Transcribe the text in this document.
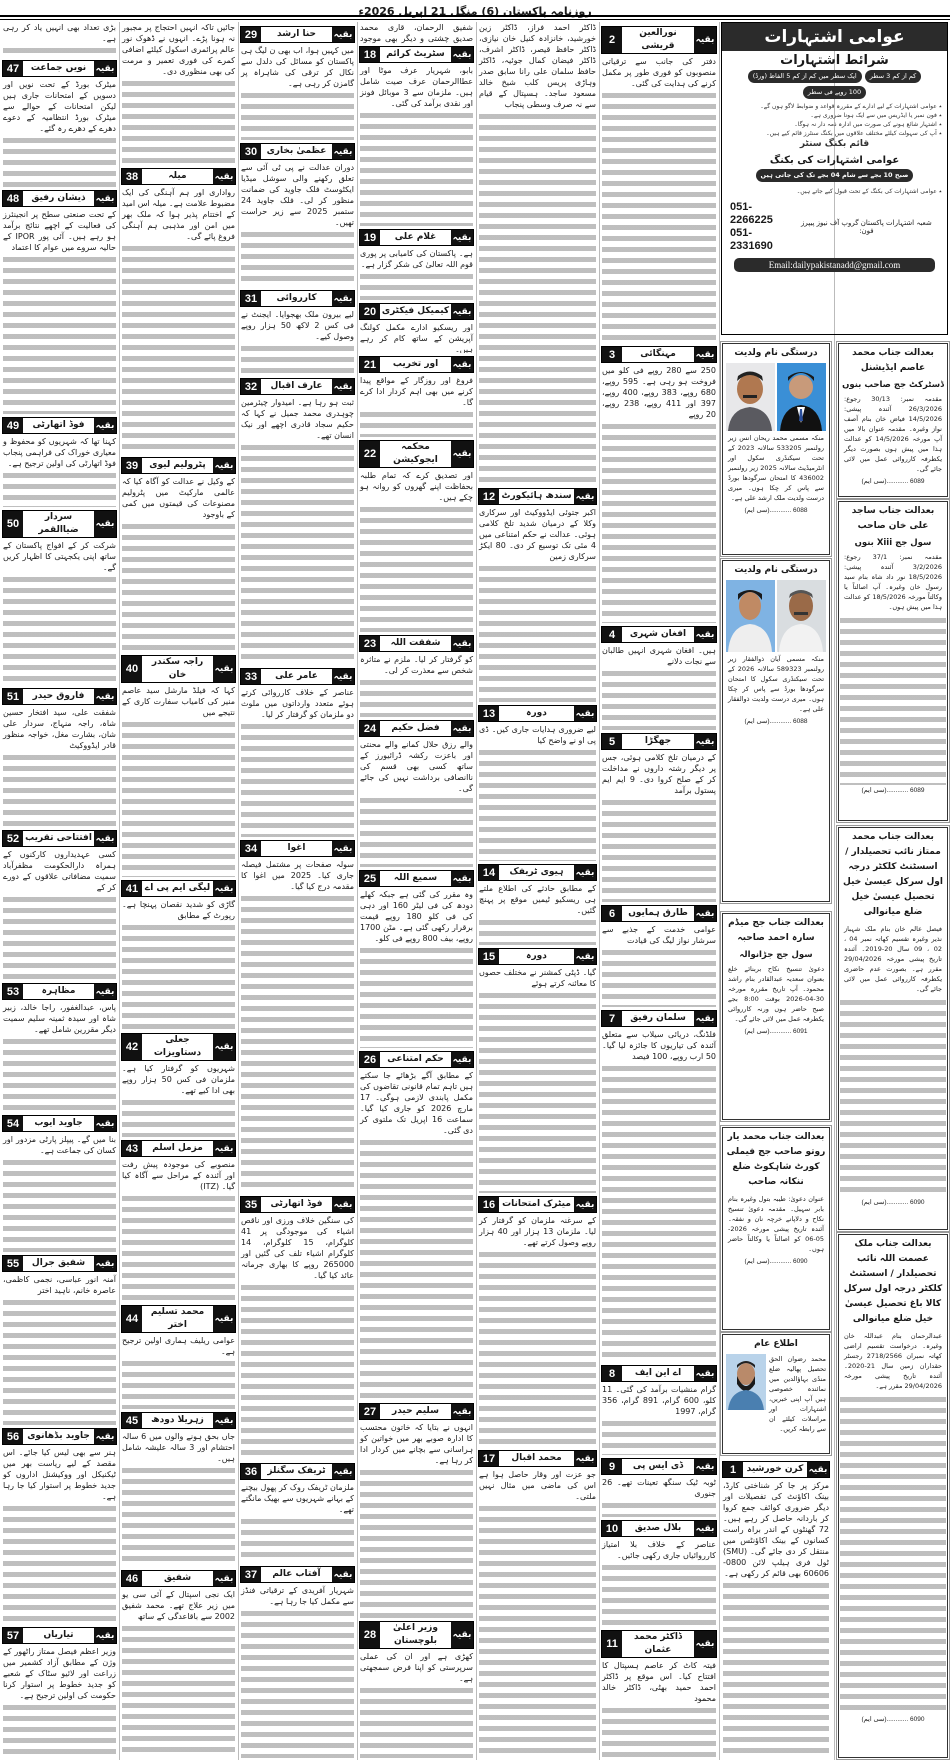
روزنامہ پاکستان (6) منگل 21 اپریل 2026ء
بڑی تعداد بھی انہیں یاد کر رہی ہے۔
47	نویں جماعت	بقیہ
میٹرک بورڈ کے تحت نویں اور دسویں کے امتحانات جاری ہیں لیکن امتحانات کے حوالے سے میٹرک بورڈ انتظامیہ کے دعوے دھرے کے دھرے رہ گئے۔
48	ذیشان رفیق	بقیہ
کے تحت صنعتی سطح پر انجینئرز کی فعالیت کے اچھے نتائج برآمد ہو رہے ہیں۔ آئی پور IPOR کے حالیہ سروے میں عوام کا اعتماد
49	فوڈ اتھارٹی	بقیہ
کہنا تھا کہ شہریوں کو محفوظ و معیاری خوراک کی فراہمی پنجاب فوڈ اتھارٹی کی اولین ترجیح ہے۔
50
سردار ضیاالقمر
بقیہ
شرکت کر کے افواج پاکستان کے ساتھ اپنی یکجہتی کا اظہار کریں گے۔
51	فاروق حیدر	بقیہ
شفقت علی، سید افتخار حسین شاہ، راجہ منہاج، سردار علی شان، بشارت مغل، خواجہ منظور قادر ایڈووکیٹ
52 افتتاحی تقریب بقیہ
کسی عہدیداروں کارکنوں کے ہمراہ دارالحکومت مظفرآباد سمیت مضافاتی علاقوں کے دورے کر کے
53	مظاہرہ	بقیہ
پاس، عبدالغفور، راجا خالد، زبیر شاہ اور سیدہ ثمینہ سلیم سمیت دیگر مقررین شامل تھے۔
54	جاوید ایوب	بقیہ
بنا میں گے۔ پیپلز پارٹی مزدور اور کسان کی جماعت ہے۔
55	شفیق جرال	بقیہ
آمنہ انور عباسی، نجمی کاظمی، عاصرہ خانم، ناہید اختر
56 جاوید بڈھانوی بقیہ
ہنر سے بھی لیس کیا جائے۔ اس مقصد کے لیے ریاست بھر میں ٹیکنیکل اور ووکیشنل اداروں کو جدید خطوط پر استوار کیا جا رہا ہے۔
57	تیاریاں	بقیہ
وزیر اعظم فیصل ممتاز راٹھور کے وژن کے مطابق آزاد کشمیر میں زراعت اور لائیو سٹاک کے شعبے کو جدید خطوط پر استوار کرنا حکومت کی اولین ترجیح ہے۔
جائیں تاکہ انہیں احتجاج پر مجبور نہ ہونا پڑے۔ انہوں نے ڈھوک نور عالم پرائمری اسکول کیلئے اضافی کمرے کی فوری تعمیر و مرمت کی بھی منظوری دی۔
38	میلہ	بقیہ
رواداری اور ہم آہنگی کی ایک مضبوط علامت ہے۔ میلہ اس امید کے اختتام پذیر ہوا کہ ملک بھر میں امن اور مذہبی ہم آہنگی فروغ پائے گی۔
39	پٹرولیم لیوی بقیہ
کے وکیل نے عدالت کو آگاہ کیا کہ عالمی مارکیٹ میں پٹرولیم مصنوعات کی قیمتوں میں کمی کے باوجود
40
راجہ سکندر خان
بقیہ
کہا کہ فیلڈ مارشل سید عاصم منیر کی کامیاب سفارت کاری کے نتیجے میں
41 لیگی ایم پی اے بقیہ
گاڑی کو شدید نقصان پہنچا ہے۔ رپورٹ کے مطابق
42
جعلی دستاویزات
بقیہ
شہریوں کو گرفتار کیا ہے۔ ملزمان فی کس 50 ہزار روپے بھی ادا کیے تھے۔
43	مزمل اسلم	بقیہ
منصوبے کی موجودہ پیش رفت اور آئندہ کے مراحل سے آگاہ کیا گیا۔ (ITZ)
44
محمد تسلیم اختر
بقیہ
عوامی ریلیف ہماری اولین ترجیح ہے۔
45	زہریلا دودھ	بقیہ
جاں بحق ہونے والوں میں 6 سالہ احتشام اور 3 سالہ علیشہ شامل ہیں۔
46	شفیق	بقیہ
ایک نجی اسپتال کے آئی سی یو میں زیر علاج تھے۔ محمد شفیق 2002 سے باقاعدگی کے ساتھ
29	حنا ارشد	بقیہ
میں کہیں ہوا، اب بھی ن لیگ ہی پاکستان کو مسائل کی دلدل سے نکال کر ترقی کی شاہراہ پر گامزن کر رہی ہے۔
30	عظمیٰ بخاری بقیہ
دوران عدالت نے پی ٹی آئی سے تعلق رکھنے والی سوشل میڈیا ایکٹوسٹ فلک جاوید کی ضمانت منظور کر لی۔ فلک جاوید 24 ستمبر 2025 سے زیر حراست تھیں۔
31	کارروائی	بقیہ
لیے بیرون ملک بھجوایا۔ ایجنٹ نے فی کس 2 لاکھ 50 ہزار روپے وصول کیے۔
32	عارف اقبال	بقیہ
ثبت ہو رہا ہے۔ امیدوار چیئرمین چوہدری محمد جمیل نے کہا کہ حکیم سجاد قادری اچھے اور نیک انسان تھے۔
33	عامر علی	بقیہ
عناصر کے خلاف کارروائی کرتے ہوئے متعدد وارداتوں میں ملوث دو ملزمان کو گرفتار کر لیا۔
34	اغوا	بقیہ
سولہ صفحات پر مشتمل فیصلہ جاری کیا۔ 2025 میں اغوا کا مقدمہ درج کیا گیا۔
35	فوڈ اتھارٹی	بقیہ
کی سنگین خلاف ورزی اور ناقص اشیاء کی موجودگی پر 41 کلوگرام، 15 کلوگرام، 14 کلوگرام اشیاء تلف کی گئیں اور 265000 روپے کا بھاری جرمانہ عائد کیا گیا۔
36	ٹریفک سگنلز بقیہ
ملزمان ٹریفک روک کر پھول بیچنے کے بہانے شہریوں سے بھیک مانگتے تھے۔
37	آفتاب عالم	بقیہ
شہریار آفریدی کے ترقیاتی فنڈز سے مکمل کیا جا رہا ہے۔
شفیق الرحمان، قاری محمد صدیق چشتی و دیگر بھی موجود
18	سٹریٹ کرائم بقیہ
بابو، شہریار عرف موٹا اور عطاالرحمان عرف صیت شامل ہیں۔ ملزمان سے 3 موبائل فونز اور نقدی برآمد کی گئی۔
19	غلام علی	بقیہ
ہے۔ پاکستان کی کامیابی پر پوری قوم اللہ تعالیٰ کی شکر گزار ہے۔
20 کیمیکل فیکٹری بقیہ
اور ریسکیو ادارے مکمل کولنگ آپریشن کے ساتھ کام کر رہے ہیں۔
21	اور تخریب	بقیہ
فروغ اور روزگار کے مواقع پیدا کرنے میں بھی اہم کردار ادا کرے گا۔
22
محکمہ ایجوکیشن
بقیہ
اور تصدیق کرے کہ تمام طلبہ بحفاظت اپنے گھروں کو روانہ ہو چکے ہیں۔
23	شفقت اللہ	بقیہ
کو گرفتار کر لیا۔ ملزم نے متاثرہ شخص سے معذرت کر لی۔
24	فضل حکیم	بقیہ
والے رزق حلال کمانے والے محنتی اور باعزت رکشہ ڈرائیورز کے ساتھ کسی بھی قسم کی ناانصافی برداشت نہیں کی جائے گی۔
25	سمیع اللہ	بقیہ
وہ مقرر کی گئی ہے جبکہ کھلے دودھ کی فی لیٹر 160 اور دہی کی فی کلو 180 روپے قیمت برقرار رکھی گئی ہے۔ مٹن 1700 روپے، بیف 800 روپے فی کلو۔
26	حکم امتناعی بقیہ
کے مطابق آگے بڑھائے جا سکتے ہیں تاہم تمام قانونی تقاضوں کی مکمل پابندی لازمی ہوگی۔ 17 مارچ 2026 کو جاری کیا گیا۔ سماعت 16 اپریل تک ملتوی کر دی گئی۔
27	سلیم حیدر	بقیہ
انہوں نے بتایا کہ خاتون محتسب کا ادارہ صوبے بھر میں خواتین کو ہراسانی سے بچانے میں کردار ادا کر رہا ہے۔
28
وزیر اعلیٰ بلوچستان
بقیہ
کھڑی ہے اور ان کی عملی سرپرستی کو اپنا فرض سمجھتی ہے۔
ڈاکٹر احمد فراز، ڈاکٹر زین خورشید، خانزادہ کنیل خان نیازی، ڈاکٹر حافظ قیصر، ڈاکٹر اشرف، ڈاکٹر فیضان کمال جوئیہ، ڈاکٹر حافظ سلمان علی رانا سابق صدر وہاڑی پریس کلب شیخ خالد مسعود ساجد۔ ہسپتال کے قیام سے نہ صرف وسطی پنجاب
12 سندھ ہائیکورٹ بقیہ
اکبر جتوئی ایڈووکیٹ اور سرکاری وکلا کے درمیان شدید تلخ کلامی ہوئی۔ عدالت نے حکم امتناعی میں 4 مئی تک توسیع کر دی۔ 80 ایکڑ سرکاری زمین
13	دورہ	بقیہ
لیے ضروری ہدایات جاری کیں۔ ڈی پی او نے واضح کیا
14	ہیوی ٹریفک	بقیہ
کے مطابق حادثے کی اطلاع ملتے ہی ریسکیو ٹیمیں موقع پر پہنچ گئیں۔
15	دورہ	بقیہ
گیا۔ ڈپٹی کمشنر نے مختلف حصوں کا معائنہ کرتے ہوئے
16 میٹرک امتحانات بقیہ
کے سرغنہ ملزمان کو گرفتار کر لیا۔ ملزمان 13 ہزار اور 40 ہزار روپے وصول کرتے تھے۔
17	محمد اقبال	بقیہ
جو عزت اور وقار حاصل ہوا ہے اس کی ماضی میں مثال نہیں ملتی۔
2
نورالعین قریشی
بقیہ
دفتر کی جانب سے ترقیاتی منصوبوں کو فوری طور پر مکمل کرنے کی ہدایت کی گئی۔
3	مہنگائی	بقیہ
250 سے 280 روپے فی کلو میں فروخت ہو رہی ہے۔ 595 روپے، 680 روپے، 383 روپے، 400 روپے، 397 اور 411 روپے، 238 روپے، 20 روپے
4	افغان شہری	بقیہ
ہیں۔ افغان شہری انہیں طالبان سے نجات دلانے
5	جھگڑا	بقیہ
کے درمیان تلخ کلامی ہوئی، جس پر دیگر رشتہ داروں نے مداخلت کر کے صلح کروا دی۔ 9 ایم ایم پستول برآمد
6	طارق ہمایوں بقیہ
عوامی خدمت کے جذبے سے سرشار نواز لیگ کی قیادت
7	سلمان رفیق	بقیہ
فلڈنگ، دریائی سیلاب سے متعلق آئندہ کی تیاریوں کا جائزہ لیا گیا۔ 50 ارب روپے، 100 فیصد
8	اے این ایف	بقیہ
گرام منشیات برآمد کی گئی۔ 11 کلو، 600 گرام، 891 گرام، 356 گرام، 1997
9	ڈی ایس پی	بقیہ
ٹوبہ ٹیک سنگھ تعینات تھے۔ 26 جنوری
10	بلال صدیق	بقیہ
عناصر کے خلاف بلا امتیاز کارروائیاں جاری رکھی جائیں۔
11
ڈاکٹر محمد عثمان
بقیہ
فیتہ کاٹ کر عاصم ہسپتال کا افتتاح کیا۔ اس موقع پر ڈاکٹر احمد حمید بھٹی، ڈاکٹر خالد محمود
عوامی اشتہارات
شرائط اشتہارات
کم از کم 3 سطر
ایک سطر میں کم از کم 5 الفاظ (ورڈ)
100 روپے فی سطر
٭ عوامی اشتہارات کے لیے ادارے کے مقررہ قواعد و ضوابط لاگو ہوں گے۔
٭ فون نمبر یا ایڈریس میں سے ایک ہونا ضروری ہے۔
٭ اشتہار شائع ہونے کی صورت میں ادارہ ذمہ دار نہ ہوگا۔
٭ آپ کی سہولت کیلئے مختلف علاقوں میں بکنگ سنٹرز قائم کیے ہیں۔
قائم بکنگ سنٹر
عوامی اشتہارات کی بکنگ
صبح 10 بجے سے شام 04 بجے تک کی جاتی ہیں
٭ عوامی اشتہارات کی بکنگ کے تحت قبول کیے جاتے ہیں۔
شعبہ اشتہارات پاکستان گروپ آف نیوز پیپرز فون:
051-2266225
051-2331690
Email:dailypakistanadd@gmail.com
درستگی نام ولدیت
منکہ مسمی محمد ریحان انس زیر رولنمبر 533205 سالانہ 2023 کے تحت سیکنڈری سکول اور انٹرمیڈیٹ سالانہ 2025 زیر رولنمبر 436002 کا امتحان سرگودھا بورڈ سے پاس کر چکا ہوں۔ میری درست ولدیت ملک ارشد علی ہے۔
6088 ............(سی ایم)
درستگی نام ولدیت
منکہ مسمی آیان ذوالفقار زیر رولنمبر 589323 سالانہ 2026 کے تحت سیکنڈری سکول کا امتحان سرگودھا بورڈ سے پاس کر چکا ہوں۔ میری درست ولدیت ذوالفقار علی ہے۔
6088 ............(سی ایم)
بعدالت جناب جج میڈم سارہ احمد صاحبہ
سول جج جڑانوالہ
دعویٰ تنسیخ نکاح بربنائے خلع بعنوان سعدیہ عبدالقادر بنام راشد محمود۔ آپ تاریخ مقررہ مورخہ 30-04-2026 بوقت 8:00 بجے صبح حاضر ہوں ورنہ کارروائی یکطرفہ عمل میں لائی جائے گی۔
6091 ............(سی ایم)
بعدالت جناب محمد یار روتو صاحب جج فیملی کورٹ شاہکوٹ ضلع ننکانہ صاحب
عنوان دعویٰ: طیبہ بتول وغیرہ بنام بابر سہیل۔ مقدمہ دعویٰ تنسیخ نکاح و دلاپانے خرچہ نان و نفقہ۔ آئندہ تاریخ پیشی مورخہ 2026-05-06 کو اصالتاً یا وکالتاً حاضر ہوں۔
6090 ............(سی ایم)
اطلاع عام
محمد رضوان الحق تحصیل پھالیہ ضلع منڈی بہاؤالدین میں نمائندہ خصوصی ہیں آپ اپنی خبریں، اشتہارات اور مراسلات کیلئے ان سے رابطہ کریں۔
1	کرن خورشید بقیہ
مرکز پر جا کر شناختی کارڈ، بینک اکاؤنٹ کی تفصیلات اور دیگر ضروری کوائف جمع کروا کر باردانہ حاصل کر رہے ہیں۔ 72 گھنٹوں کے اندر براہ راست کسانوں کے بینک اکاؤنٹس میں منتقل کر دی جائے گی۔ (SMU) ٹول فری ہیلپ لائن 0800-60606 بھی قائم کر رکھی ہے۔
بعدالت جناب محمد عاصم ایڈیشنل
ڈسٹرکٹ جج صاحب بنوں
مقدمہ نمبر: 30/13 رجوع: 26/3/2026 آئندہ پیشی: 14/5/2026 فیاض خان بنام آصف نواز وغیرہ۔ مقدمہ عنوان بالا میں آپ مورخہ 14/5/2026 کو عدالت ہذا میں پیش ہوں بصورت دیگر یکطرفہ کارروائی عمل میں لائی جائے گی۔
6089 ............(سی ایم)
بعدالت جناب ساجد علی خان صاحب
سول جج Xiii بنوں
مقدمہ نمبر: 37/1 رجوع: 3/2/2026 آئندہ پیشی: 18/5/2026 نور داد شاہ بنام سید رسول خان وغیرہ۔ آپ اصالتاً یا وکالتاً مورخہ 18/5/2026 کو عدالت ہذا میں پیش ہوں۔
6089 ............(سی ایم)
بعدالت جناب محمد ممتاز نائب تحصیلدار / اسسٹنٹ کلکٹر درجہ اول سرکل عیسیٰ خیل تحصیل عیسیٰ خیل ضلع میانوالی
فیصل عالم خان بنام ملک شہباز نذیر وغیرہ تقسیم کھاتہ نمبر 04 ، 02 ، 09 سال 20-2019۔ آئندہ تاریخ پیشی مورخہ 29/04/2026 مقرر ہے۔ بصورت عدم حاضری یکطرفہ کارروائی عمل میں لائی جائے گی۔
6090 ............(سی ایم)
بعدالت جناب ملک عصمت اللہ نائب تحصیلدار / اسسٹنٹ کلکٹر درجہ اول سرکل کالا باغ تحصیل عیسیٰ خیل ضلع میانوالی
عبدالرحمان بنام عبداللہ خان وغیرہ۔ درخواست تقسیم اراضی کھاتہ نمبران 2718/2566 رجسٹر حقداران زمین سال 21-2020۔ آئندہ تاریخ پیشی مورخہ 29/04/2026 مقرر ہے۔
6090 ............(سی ایم)
